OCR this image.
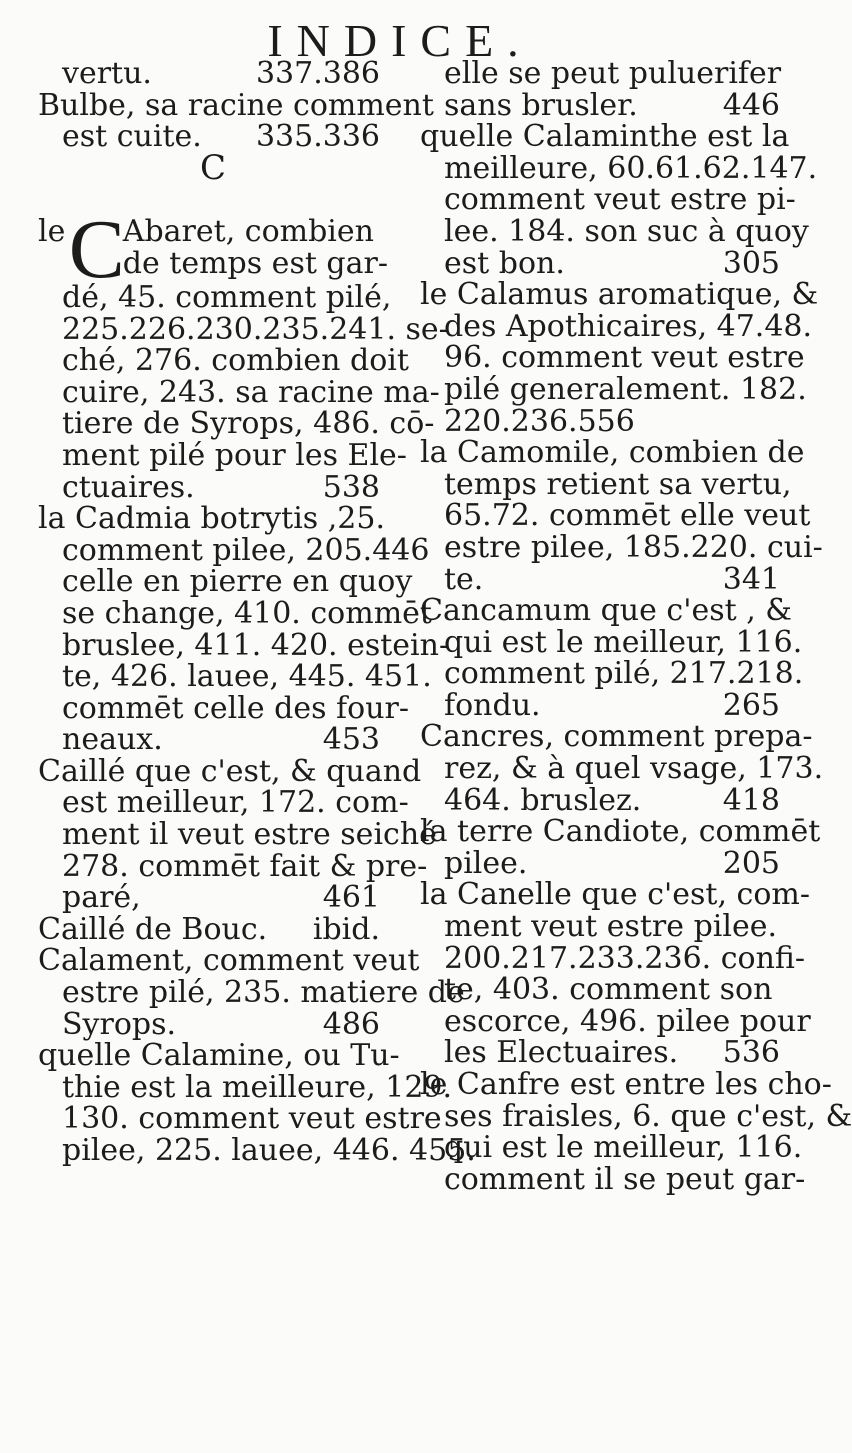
INDICE.
vertu.	337.386
Bulbe, sa racine comment
est cuite. 335.336
C
le C
Abaret, combien
de temps est gar-
dé, 45. comment pilé,
225.226.230.235.241. se-
ché, 276. combien doit
cuire, 243. sa racine ma-
tiere de Syrops, 486. cō-
ment pilé pour les Ele-
ctuaires.	538
la Cadmia botrytis , 25.
comment pilee, 205. 446
celle en pierre en quoy
se change, 410. commēt
bruslee, 411. 420. estein-
te, 426. lauee, 445. 451.
commēt celle des four-
neaux.	453
Caillé que c'est, & quand
est meilleur, 172. com-
ment il veut estre seiché
278. commēt fait & pre-
paré,	461
Caillé de Bouc. ibid.
Calament, comment veut
estre pilé, 235. matiere de
Syrops.	486
quelle Calamine, ou Tu-
thie est la meilleure, 129.
130. comment veut estre
pilee, 225. lauee, 446. 455.
elle se peut puluerifer
sans brusler.	446
quelle Calaminthe est la
meilleure, 60.61.62.147.
comment veut estre pi-
lee. 184. son suc à quoy
est bon.	305
le Calamus aromatique, &
des Apothicaires, 47.48.
96. comment veut estre
pilé generalement. 182.
220.236.556
la Camomile, combien de
temps retient sa vertu,
65.72. commēt elle veut
estre pilee, 185.220. cui-
te.	341
Cancamum que c'est , &
qui est le meilleur, 116.
comment pilé, 217.218.
fondu.	265
Cancres, comment prepa-
rez, & à quel vsage, 173.
464. bruslez.	418
la terre Candiote, commēt
pilee.	205
la Canelle que c'est, com-
ment veut estre pilee.
200.217.233.236. confi-
te, 403. comment son
escorce, 496. pilee pour
les Electuaires. 536
le Canfre est entre les cho-
ses fraisles, 6. que c'est, &
qui est le meilleur, 116.
comment il se peut gar-
